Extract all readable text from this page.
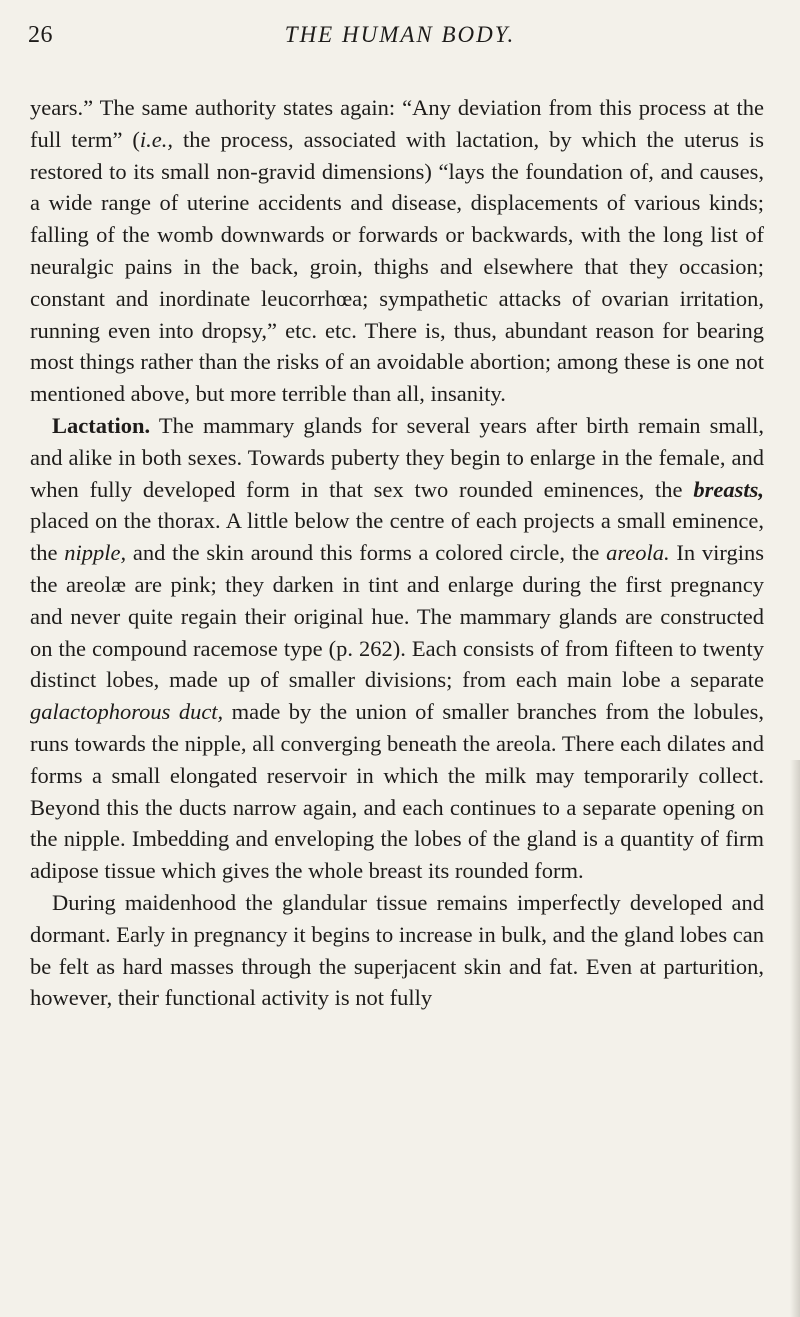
26	THE HUMAN BODY.

years.” The same authority states again: “Any deviation from this process at the full term” (i.e., the process, associated with lactation, by which the uterus is restored to its small non-gravid dimensions) “lays the foundation of, and causes, a wide range of uterine accidents and disease, displacements of various kinds; falling of the womb downwards or forwards or backwards, with the long list of neuralgic pains in the back, groin, thighs and elsewhere that they occasion; constant and inordinate leucorrhœa; sympathetic attacks of ovarian irritation, running even into dropsy,” etc. etc. There is, thus, abundant reason for bearing most things rather than the risks of an avoidable abortion; among these is one not mentioned above, but more terrible than all, insanity.

Lactation. The mammary glands for several years after birth remain small, and alike in both sexes. Towards puberty they begin to enlarge in the female, and when fully developed form in that sex two rounded eminences, the breasts, placed on the thorax. A little below the centre of each projects a small eminence, the nipple, and the skin around this forms a colored circle, the areola. In virgins the areolæ are pink; they darken in tint and enlarge during the first pregnancy and never quite regain their original hue. The mammary glands are constructed on the compound racemose type (p. 262). Each consists of from fifteen to twenty distinct lobes, made up of smaller divisions; from each main lobe a separate galactophorous duct, made by the union of smaller branches from the lobules, runs towards the nipple, all converging beneath the areola. There each dilates and forms a small elongated reservoir in which the milk may temporarily collect. Beyond this the ducts narrow again, and each continues to a separate opening on the nipple. Imbedding and enveloping the lobes of the gland is a quantity of firm adipose tissue which gives the whole breast its rounded form.

During maidenhood the glandular tissue remains imperfectly developed and dormant. Early in pregnancy it begins to increase in bulk, and the gland lobes can be felt as hard masses through the superjacent skin and fat. Even at parturition, however, their functional activity is not fully
